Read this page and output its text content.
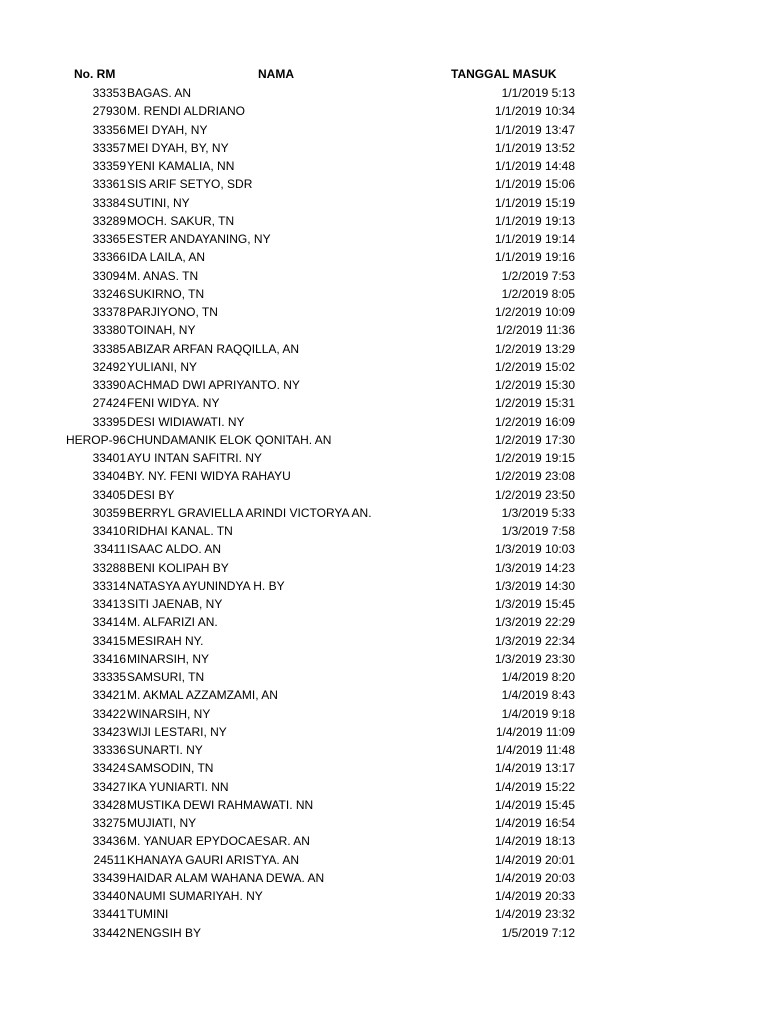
No. RM	NAMA	TANGGAL MASUK
33353 BAGAS. AN	1/1/2019 5:13
27930 M. RENDI ALDRIANO	1/1/2019 10:34
33356 MEI DYAH, NY	1/1/2019 13:47
33357 MEI DYAH, BY, NY	1/1/2019 13:52
33359 YENI KAMALIA, NN	1/1/2019 14:48
33361 SIS ARIF SETYO, SDR	1/1/2019 15:06
33384 SUTINI, NY	1/1/2019 15:19
33289 MOCH. SAKUR, TN	1/1/2019 19:13
33365 ESTER ANDAYANING, NY	1/1/2019 19:14
33366 IDA LAILA, AN	1/1/2019 19:16
33094 M. ANAS. TN	1/2/2019 7:53
33246 SUKIRNO, TN	1/2/2019 8:05
33378 PARJIYONO, TN	1/2/2019 10:09
33380 TOINAH, NY	1/2/2019 11:36
33385 ABIZAR ARFAN RAQQILLA, AN	1/2/2019 13:29
32492 YULIANI, NY	1/2/2019 15:02
33390 ACHMAD DWI APRIYANTO. NY	1/2/2019 15:30
27424 FENI WIDYA. NY	1/2/2019 15:31
33395 DESI WIDIAWATI. NY	1/2/2019 16:09
HEROP-96 CHUNDAMANIK ELOK QONITAH. AN	1/2/2019 17:30
33401 AYU INTAN SAFITRI. NY	1/2/2019 19:15
33404 BY. NY. FENI WIDYA RAHAYU	1/2/2019 23:08
33405 DESI BY	1/2/2019 23:50
30359 BERRYL GRAVIELLA ARINDI VICTORYA AN.	1/3/2019 5:33
33410 RIDHAI KANAL. TN	1/3/2019 7:58
33411 ISAAC ALDO. AN	1/3/2019 10:03
33288 BENI KOLIPAH BY	1/3/2019 14:23
33314 NATASYA AYUNINDYA H. BY	1/3/2019 14:30
33413 SITI JAENAB, NY	1/3/2019 15:45
33414 M. ALFARIZI AN.	1/3/2019 22:29
33415 MESIRAH NY.	1/3/2019 22:34
33416 MINARSIH, NY	1/3/2019 23:30
33335 SAMSURI, TN	1/4/2019 8:20
33421 M. AKMAL AZZAMZAMI, AN	1/4/2019 8:43
33422 WINARSIH, NY	1/4/2019 9:18
33423 WIJI LESTARI, NY	1/4/2019 11:09
33336 SUNARTI. NY	1/4/2019 11:48
33424 SAMSODIN, TN	1/4/2019 13:17
33427 IKA YUNIARTI. NN	1/4/2019 15:22
33428 MUSTIKA DEWI RAHMAWATI. NN	1/4/2019 15:45
33275 MUJIATI, NY	1/4/2019 16:54
33436 M. YANUAR EPYDOCAESAR. AN	1/4/2019 18:13
24511 KHANAYA GAURI ARISTYA. AN	1/4/2019 20:01
33439 HAIDAR ALAM WAHANA DEWA. AN	1/4/2019 20:03
33440 NAUMI SUMARIYAH. NY	1/4/2019 20:33
33441 TUMINI	1/4/2019 23:32
33442 NENGSIH BY	1/5/2019 7:12
